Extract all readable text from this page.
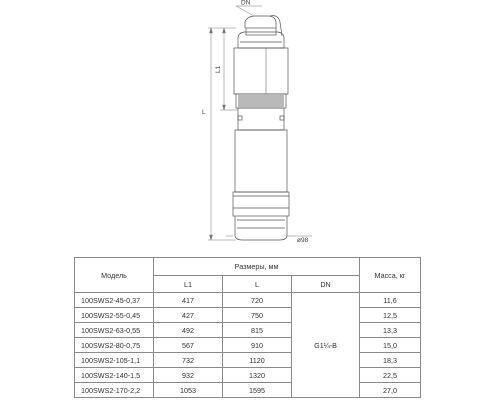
DN
L
L1
ø98
Модель	Размеры, мм			Масса, кг
	L1	L	DN	
100SWS2-45-0,37	417	720	G1¼-B	11,6
100SWS2-55-0,45	427	750		12,5
100SWS2-63-0,55	492	815		13,3
100SWS2-80-0,75	567	910		15,0
100SWS2-105-1,1	732	1120		18,3
100SWS2-140-1,5	932	1320		22,5
100SWS2-170-2,2	1053	1595		27,0
